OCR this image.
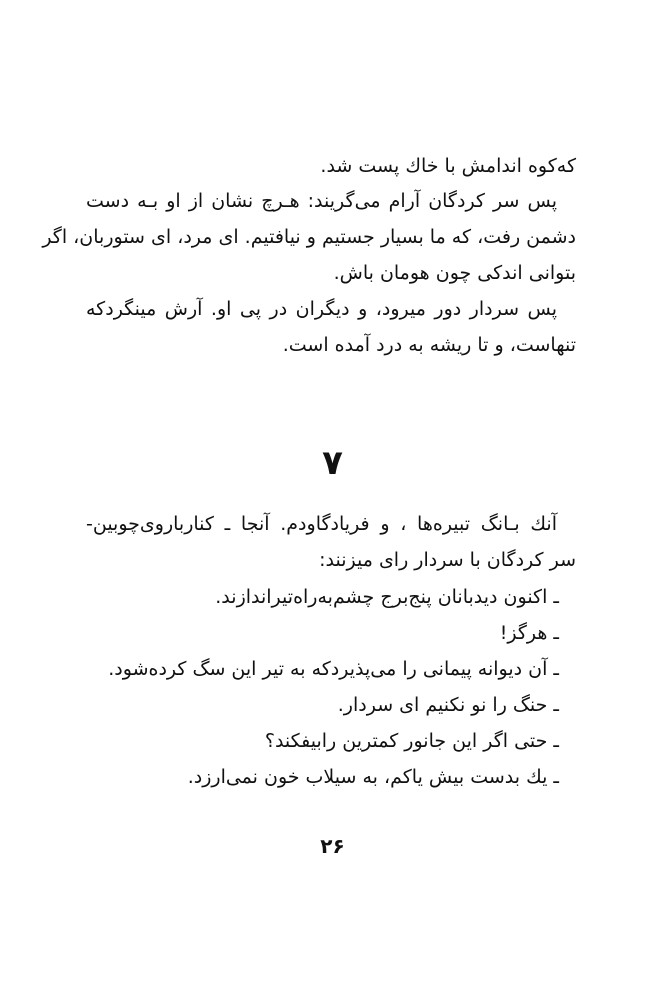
که‌کوه اندامش با خاك پست شد.
پس سر کردگان آرام می‌گریند: هـرچ نشان از او بـه دست
دشمن رفت، که ما بسیار جستیم و نیافتیم. ای مرد، ای ستوربان، اگر
بتوانی اندکی چون هومان باش.
پس سردار دور میرود، و دیگران در پی او. آرش مینگردکه
تنهاست، و تا ریشه به درد آمده است.
۷
آنك بـانگ تبیره‌ها ، و فریادگاودم. آنجا ـ کنارباروی‌چوبین-
سر کردگان با سردار رای میزنند:
ـ اکنون دیدبانان پنج‌برج چشم‌به‌راه‌تیراندازند.
ـ هرگز!
ـ آن دیوانه پیمانی را می‌پذیردکه به تیر این سگ کرده‌شود.
ـ حنگ را نو نکنیم ای سردار.
ـ حتی اگر این جانور کمترین رابیفکند؟
ـ یك بدست بیش یاکم، به سیلاب خون نمی‌ارزد.
۲۶
